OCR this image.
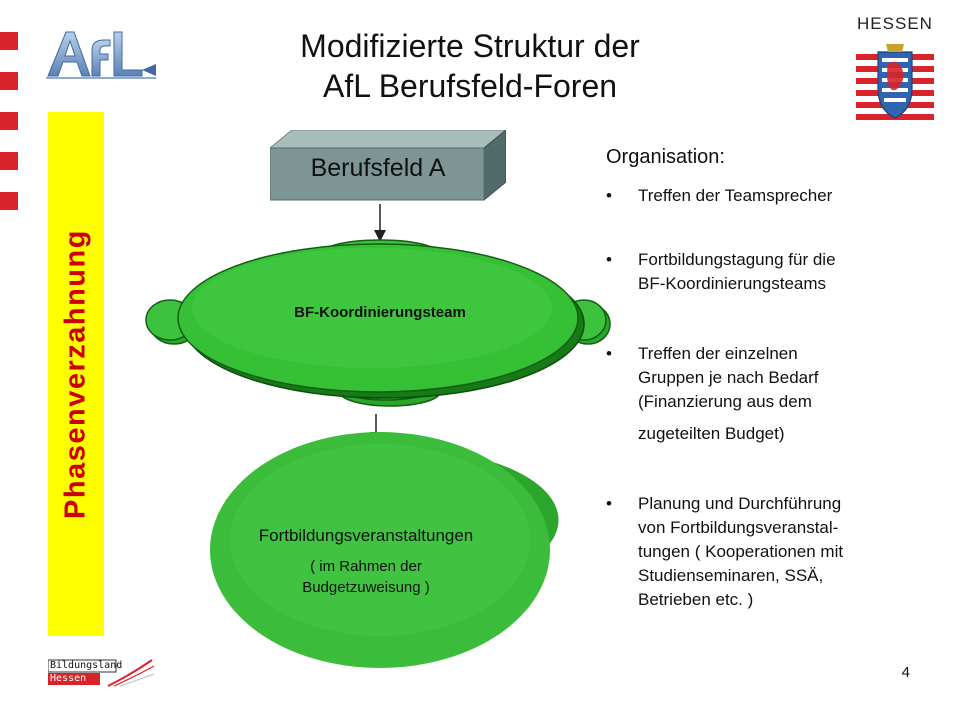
Modifizierte Struktur der
AfL Berufsfeld-Foren
HESSEN
Phasenverzahnung
Berufsfeld A
BF-Koordinierungsteam
Fortbildungsveranstaltungen
( im Rahmen der
Budgetzuweisung )
Organisation:
• Treffen der Teamsprecher
• Fortbildungstagung für die
BF-Koordinierungsteams
• Treffen der einzelnen
Gruppen je nach Bedarf
(Finanzierung aus dem
zugeteilten Budget)
• Planung und Durchführung
von Fortbildungsveranstal-
tungen ( Kooperationen mit
Studienseminaren, SSÄ,
Betrieben etc. )
Bildungsland
Hessen	4
